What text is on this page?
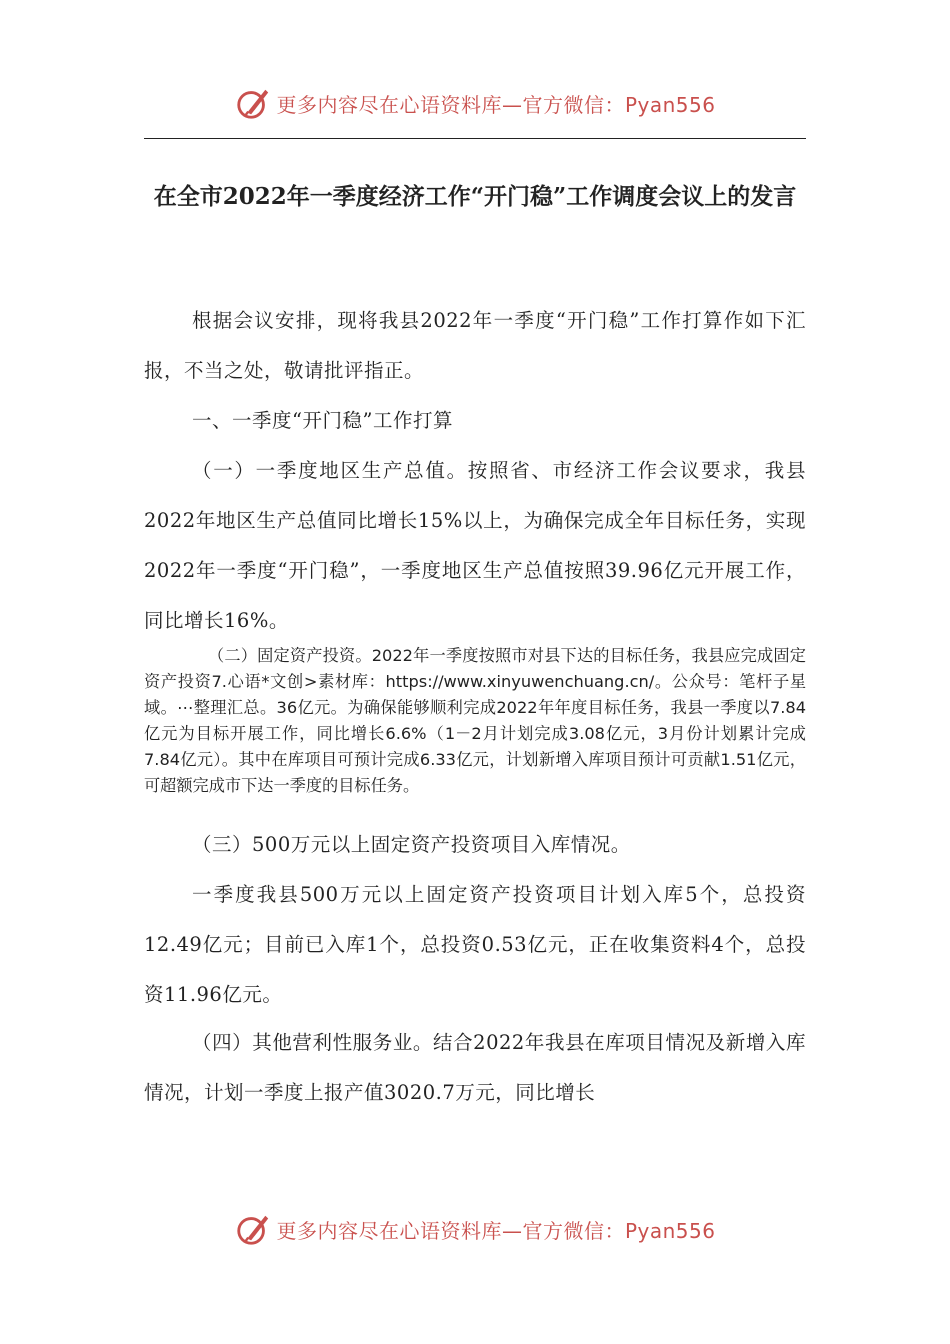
更多内容尽在心语资料库—官方微信：Pyan556
在全市2022年一季度经济工作“开门稳”工作调度会议上的发言

根据会议安排，现将我县2022年一季度“开门稳”工作打算作如下汇报，不当之处，敬请批评指正。

一、一季度“开门稳”工作打算

（一）一季度地区生产总值。按照省、市经济工作会议要求，我县2022年地区生产总值同比增长15%以上，为确保完成全年目标任务，实现2022年一季度“开门稳”，一季度地区生产总值按照39.96亿元开展工作，同比增长16%。

（二）固定资产投资。2022年一季度按照市对县下达的目标任务，我县应完成固定资产投资7.心语*文创>素材库：https://www.xinyuwenchuang.cn/。公众号：笔杆子星域。⋯整理汇总。36亿元。为确保能够顺利完成2022年年度目标任务，我县一季度以7.84亿元为目标开展工作，同比增长6.6%（1－2月计划完成3.08亿元，3月份计划累计完成7.84亿元）。其中在库项目可预计完成6.33亿元，计划新增入库项目预计可贡献1.51亿元，可超额完成市下达一季度的目标任务。

（三）500万元以上固定资产投资项目入库情况。

一季度我县500万元以上固定资产投资项目计划入库5个，总投资12.49亿元；目前已入库1个，总投资0.53亿元，正在收集资料4个，总投资11.96亿元。

（四）其他营利性服务业。结合2022年我县在库项目情况及新增入库情况，计划一季度上报产值3020.7万元，同比增长

更多内容尽在心语资料库—官方微信：Pyan556
